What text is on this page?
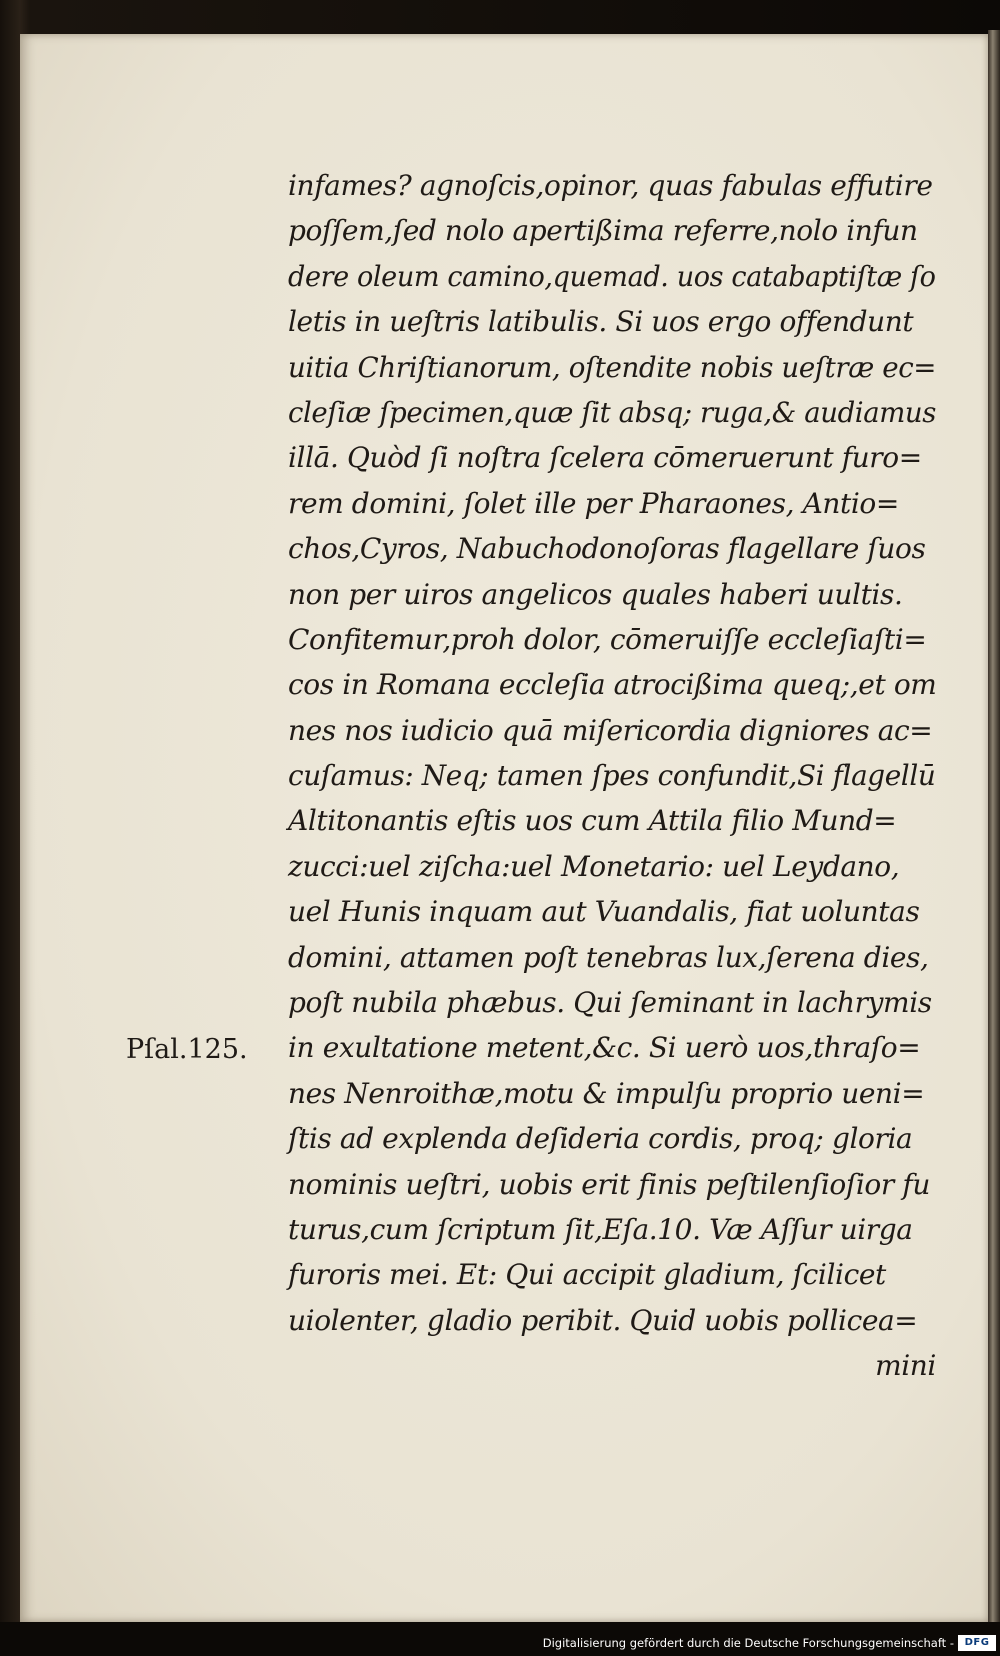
Pſal.125.
infames? agnoſcis,opinor, quas fabulas effutire
poſſem,ſed nolo apertißima referre,nolo infun
dere oleum camino,quemad. uos catabaptiſtæ ſo
letis in ueſtris latibulis. Si uos ergo offendunt
uitia Chriſtianorum, oſtendite nobis ueſtræ ec=
cleſiæ ſpecimen,quæ ſit absq; ruga,& audiamus
illā. Quòd ſi noſtra ſcelera cōmeruerunt furo=
rem domini, ſolet ille per Pharaones, Antio=
chos,Cyros, Nabuchodonoſoras flagellare ſuos
non per uiros angelicos quales haberi uultis.
Confitemur,proh dolor, cōmeruiſſe eccleſiaſti=
cos in Romana eccleſia atrocißima queq;,et om
nes nos iudicio quā miſericordia digniores ac=
cuſamus: Neq; tamen ſpes confundit,Si flagellū
Altitonantis eſtis uos cum Attila filio Mund=
zucci:uel ziſcha:uel Monetario: uel Leydano,
uel Hunis inquam aut Vuandalis, fiat uoluntas
domini, attamen poſt tenebras lux,ſerena dies,
poſt nubila phæbus. Qui ſeminant in lachrymis
in exultatione metent,&c. Si uerò uos,thraſo=
nes Nenroithæ,motu & impulſu proprio ueni=
ſtis ad explenda deſideria cordis, proq; gloria
nominis ueſtri, uobis erit finis peſtilenſioſior fu
turus,cum ſcriptum ſit,Eſa.10. Væ Aſſur uirga
furoris mei. Et: Qui accipit gladium, ſcilicet
uiolenter, gladio peribit. Quid uobis pollicea=
mini
Digitalisierung gefördert durch die Deutsche Forschungsgemeinschaft -	DFG
